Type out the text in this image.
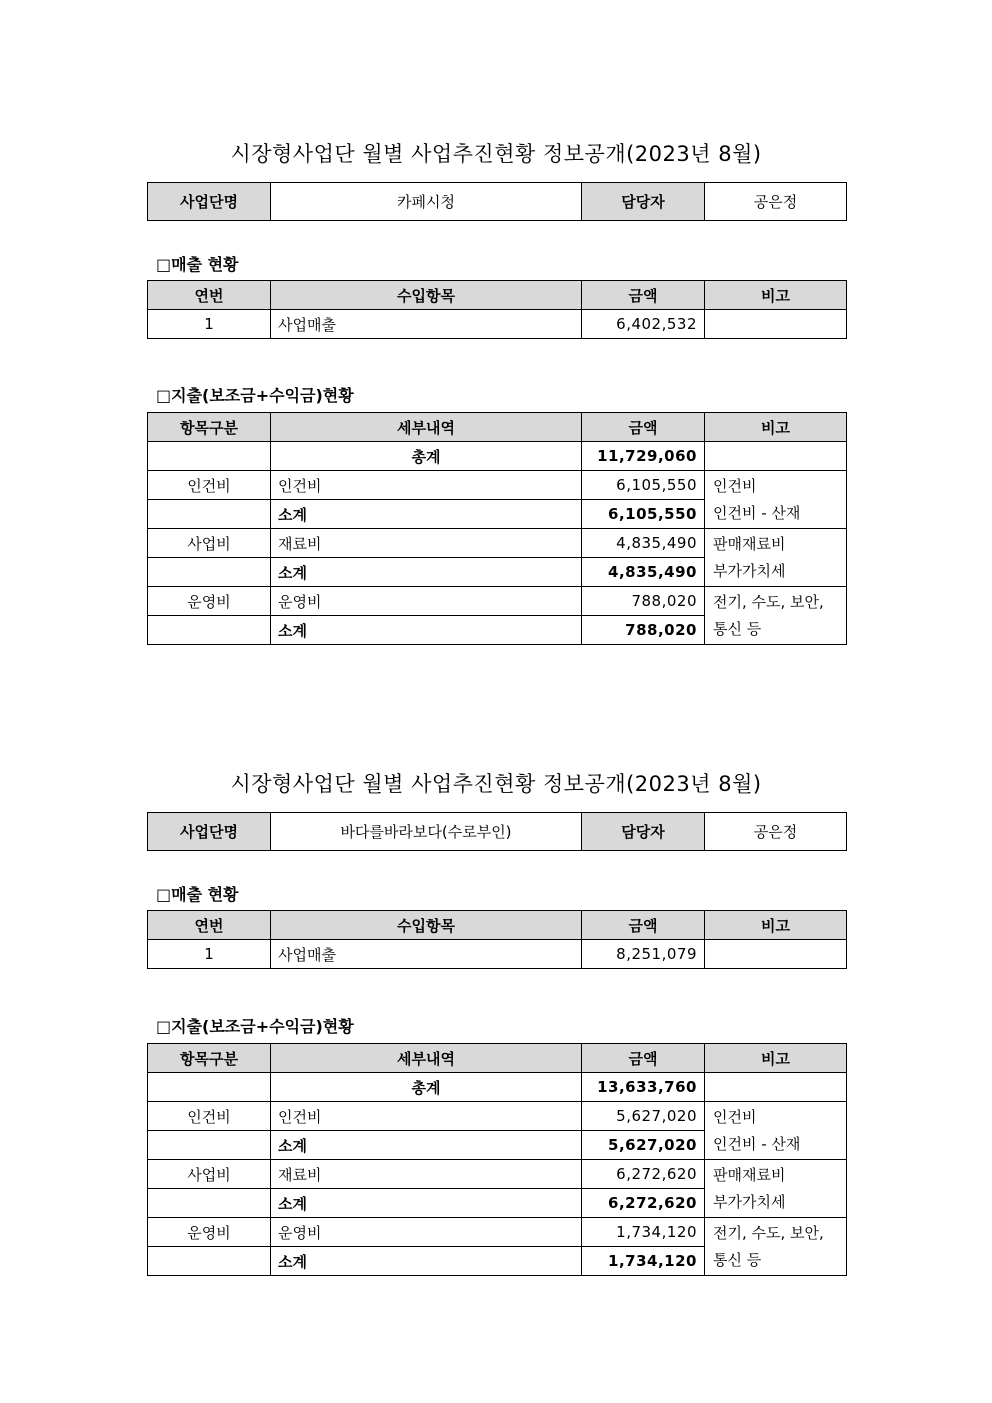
시장형사업단 월별 사업추진현황 정보공개(2023년 8월)
사업단명	카페시청	담당자	공은정
□매출 현황
연번	수입항목	금액	비고
1	사업매출	6,402,532	
□지출(보조금+수익금)현황
항목구분	세부내역	금액	비고
	총계	11,729,060	
인건비	인건비	6,105,550	인건비
인건비 - 산재

	소계	6,105,550	
사업비	재료비	4,835,490	판매재료비
부가가치세

	소계	4,835,490	
운영비	운영비	788,020	전기, 수도, 보안,
통신 등

	소계	788,020	
시장형사업단 월별 사업추진현황 정보공개(2023년 8월)
사업단명	바다를바라보다(수로부인)	담당자	공은정
□매출 현황
연번	수입항목	금액	비고
1	사업매출	8,251,079	
□지출(보조금+수익금)현황
항목구분	세부내역	금액	비고
	총계	13,633,760	
인건비	인건비	5,627,020	인건비
인건비 - 산재

	소계	5,627,020	
사업비	재료비	6,272,620	판매재료비
부가가치세

	소계	6,272,620	
운영비	운영비	1,734,120	전기, 수도, 보안,
통신 등

	소계	1,734,120	
